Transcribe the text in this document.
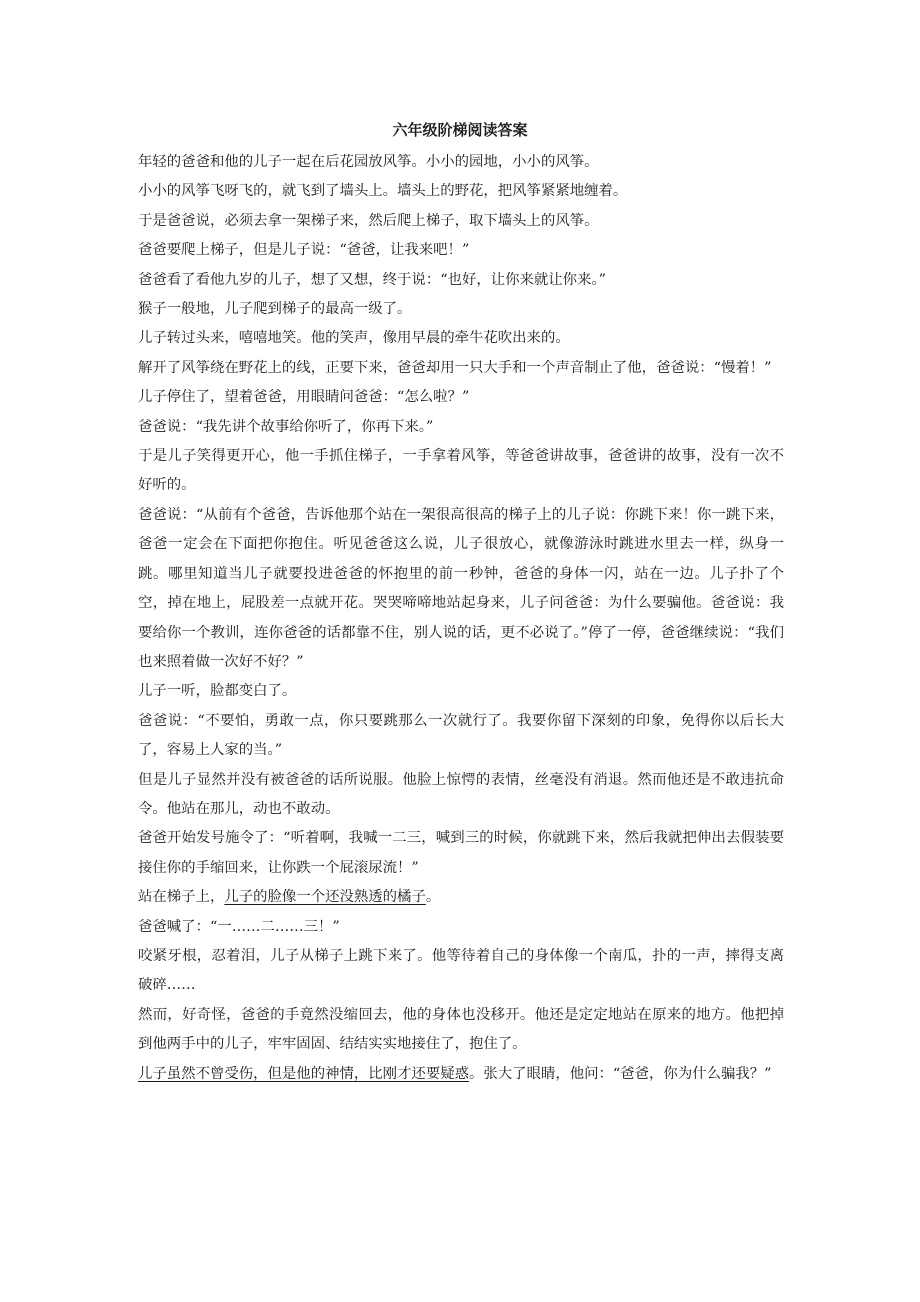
六年级阶梯阅读答案

年轻的爸爸和他的儿子一起在后花园放风筝。小小的园地，小小的风筝。

小小的风筝飞呀飞的，就飞到了墙头上。墙头上的野花，把风筝紧紧地缠着。

于是爸爸说，必须去拿一架梯子来，然后爬上梯子，取下墙头上的风筝。

爸爸要爬上梯子，但是儿子说：“爸爸，让我来吧！”

爸爸看了看他九岁的儿子，想了又想，终于说：“也好，让你来就让你来。”

猴子一般地，儿子爬到梯子的最高一级了。

儿子转过头来，嘻嘻地笑。他的笑声，像用早晨的牵牛花吹出来的。

解开了风筝绕在野花上的线，正要下来，爸爸却用一只大手和一个声音制止了他，爸爸说：“慢着！”

儿子停住了，望着爸爸，用眼睛问爸爸：“怎么啦？”

爸爸说：“我先讲个故事给你听了，你再下来。”

于是儿子笑得更开心，他一手抓住梯子，一手拿着风筝，等爸爸讲故事，爸爸讲的故事，没有一次不好听的。

爸爸说：“从前有个爸爸，告诉他那个站在一架很高很高的梯子上的儿子说：你跳下来！你一跳下来，爸爸一定会在下面把你抱住。听见爸爸这么说，儿子很放心，就像游泳时跳进水里去一样，纵身一跳。哪里知道当儿子就要投进爸爸的怀抱里的前一秒钟，爸爸的身体一闪，站在一边。儿子扑了个空，掉在地上，屁股差一点就开花。哭哭啼啼地站起身来，儿子问爸爸：为什么要骗他。爸爸说：我要给你一个教训，连你爸爸的话都靠不住，别人说的话，更不必说了。”停了一停，爸爸继续说：“我们也来照着做一次好不好？”

儿子一听，脸都变白了。

爸爸说：“不要怕，勇敢一点，你只要跳那么一次就行了。我要你留下深刻的印象，免得你以后长大了，容易上人家的当。”

但是儿子显然并没有被爸爸的话所说服。他脸上惊愕的表情，丝毫没有消退。然而他还是不敢违抗命令。他站在那儿，动也不敢动。

爸爸开始发号施令了：“听着啊，我喊一二三，喊到三的时候，你就跳下来，然后我就把伸出去假装要接住你的手缩回来，让你跌一个屁滚尿流！”

站在梯子上，儿子的脸像一个还没熟透的橘子。

爸爸喊了：“一……二……三！”

咬紧牙根，忍着泪，儿子从梯子上跳下来了。他等待着自己的身体像一个南瓜，扑的一声，摔得支离破碎……

然而，好奇怪，爸爸的手竟然没缩回去，他的身体也没移开。他还是定定地站在原来的地方。他把掉到他两手中的儿子，牢牢固固、结结实实地接住了，抱住了。

儿子虽然不曾受伤，但是他的神情，比刚才还要疑惑。张大了眼睛，他问：“爸爸，你为什么骗我？”
